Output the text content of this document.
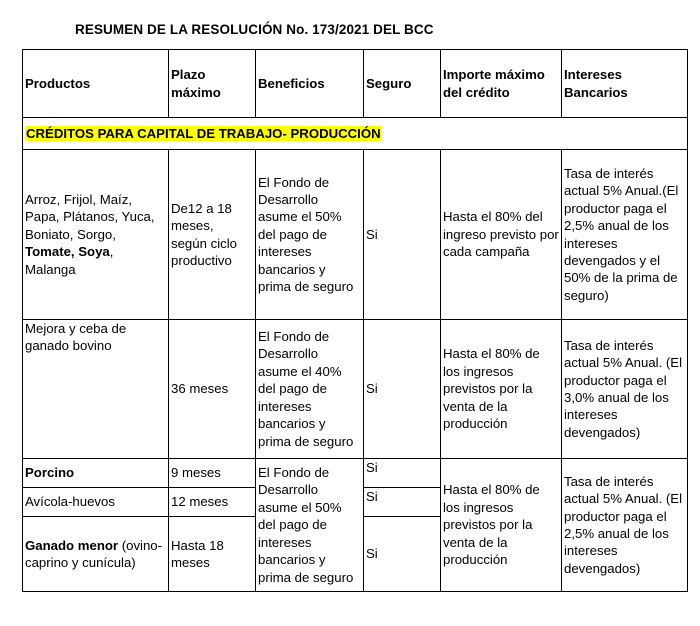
RESUMEN DE LA RESOLUCIÓN No. 173/2021 DEL BCC
Productos	Plazo máximo	Beneficios	Seguro	Importe máximo del crédito	Intereses Bancarios
CRÉDITOS PARA CAPITAL DE TRABAJO- PRODUCCIÓN					
Arroz, Frijol, Maíz, Papa, Plátanos, Yuca, Boniato, Sorgo, Tomate, Soya, Malanga	De12 a 18 meses, según ciclo productivo	El Fondo de Desarrollo asume el 50% del pago de intereses bancarios y prima de seguro	Si	Hasta el 80% del ingreso previsto por cada campaña	Tasa de interés actual 5% Anual.(El productor paga el 2,5% anual de los intereses devengados y el 50% de la prima de seguro)
Mejora y ceba de ganado bovino	36 meses	El Fondo de Desarrollo asume el 40% del pago de intereses bancarios y prima de seguro	Si	Hasta el 80% de los ingresos previstos por la venta de la producción	Tasa de interés actual 5% Anual. (El productor paga el 3,0% anual de los intereses devengados)
Porcino	9 meses	El Fondo de Desarrollo asume el 50% del pago de intereses bancarios y prima de seguro	Si	Hasta el 80% de los ingresos previstos por la venta de la producción	Tasa de interés actual 5% Anual. (El productor paga el 2,5% anual de los intereses devengados)
Avícola-huevos	12 meses		Si		
Ganado menor (ovino-caprino y cunícula)	Hasta 18 meses		Si		
